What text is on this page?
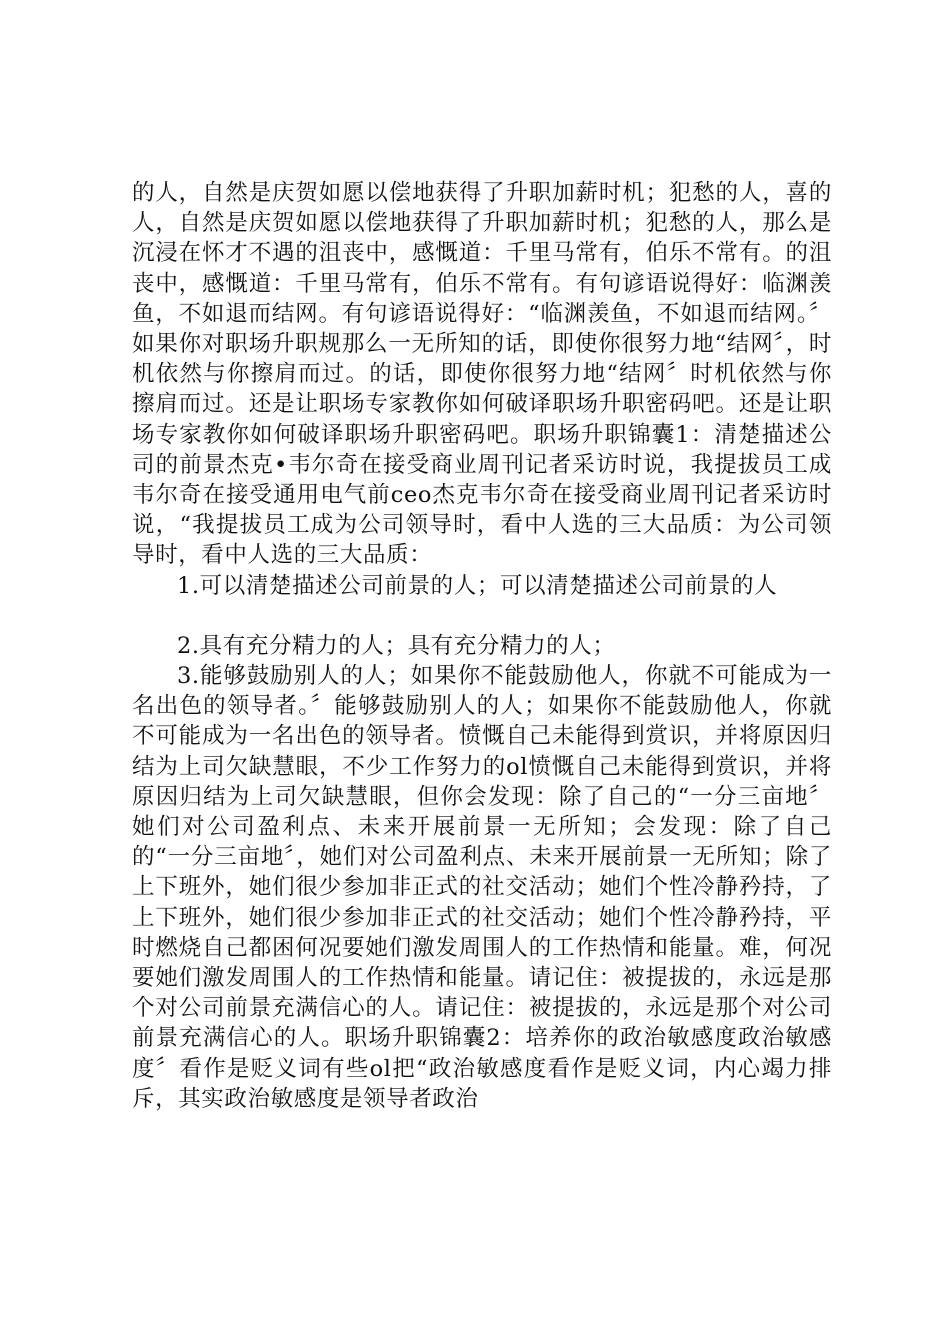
的人，自然是庆贺如愿以偿地获得了升职加薪时机；犯愁的人，喜的人，自然是庆贺如愿以偿地获得了升职加薪时机；犯愁的人，那么是沉浸在怀才不遇的沮丧中，感慨道：千里马常有，伯乐不常有。的沮丧中，感慨道：千里马常有，伯乐不常有。有句谚语说得好：临渊羡鱼，不如退而结网。有句谚语说得好：“临渊羡鱼，不如退而结网。〞如果你对职场升职规那么一无所知的话，即使你很努力地“结网〞，时机依然与你擦肩而过。的话，即使你很努力地“结网〞时机依然与你擦肩而过。还是让职场专家教你如何破译职场升职密码吧。还是让职场专家教你如何破译职场升职密码吧。职场升职锦囊1：清楚描述公司的前景杰克•韦尔奇在接受商业周刊记者采访时说，我提拔员工成韦尔奇在接受通用电气前ceo杰克韦尔奇在接受商业周刊记者采访时说，“我提拔员工成为公司领导时，看中人选的三大品质：为公司领导时，看中人选的三大品质：

1.可以清楚描述公司前景的人；可以清楚描述公司前景的人

2.具有充分精力的人；具有充分精力的人；

3.能够鼓励别人的人；如果你不能鼓励他人，你就不可能成为一名出色的领导者。〞能够鼓励别人的人；如果你不能鼓励他人，你就不可能成为一名出色的领导者。愤慨自己未能得到赏识，并将原因归结为上司欠缺慧眼，不少工作努力的ol愤慨自己未能得到赏识，并将原因归结为上司欠缺慧眼，但你会发现：除了自己的“一分三亩地〞她们对公司盈利点、未来开展前景一无所知；会发现：除了自己的“一分三亩地〞，她们对公司盈利点、未来开展前景一无所知；除了上下班外，她们很少参加非正式的社交活动；她们个性冷静矜持，了上下班外，她们很少参加非正式的社交活动；她们个性冷静矜持，平时燃烧自己都困何况要她们激发周围人的工作热情和能量。难，何况要她们激发周围人的工作热情和能量。请记住：被提拔的，永远是那个对公司前景充满信心的人。请记住：被提拔的，永远是那个对公司前景充满信心的人。职场升职锦囊2：培养你的政治敏感度政治敏感度〞看作是贬义词有些ol把“政治敏感度看作是贬义词，内心竭力排斥，其实政治敏感度是领导者政治
